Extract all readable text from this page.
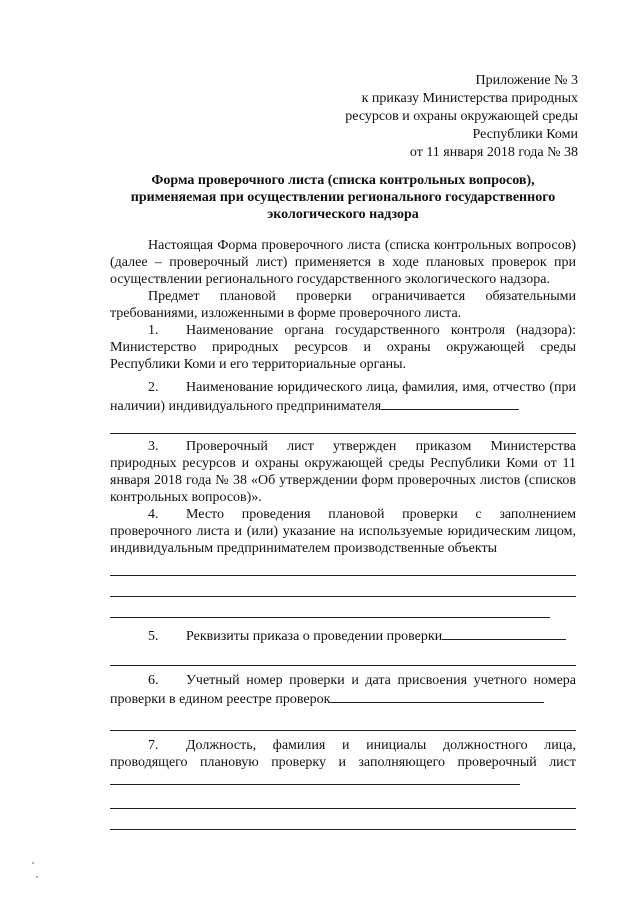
Приложение № 3
к приказу Министерства природных
ресурсов и охраны окружающей среды
Республики Коми
от 11 января 2018 года № 38
Форма проверочного листа (списка контрольных вопросов),
применяемая при осуществлении регионального государственного
экологического надзора

Настоящая Форма проверочного листа (списка контрольных вопросов) (далее – проверочный лист) применяется в ходе плановых проверок при осуществлении регионального государственного экологического надзора.

Предмет плановой проверки ограничивается обязательными требованиями, изложенными в форме проверочного листа.

1. Наименование органа государственного контроля (надзора): Министерство природных ресурсов и охраны окружающей среды Республики Коми и его территориальные органы.

2. Наименование юридического лица, фамилия, имя, отчество (при наличии) индивидуального предпринимателя

3. Проверочный лист утвержден приказом Министерства природных ресурсов и охраны окружающей среды Республики Коми от 11 января 2018 года № 38 «Об утверждении форм проверочных листов (списков контрольных вопросов)».

4. Место проведения плановой проверки с заполнением проверочного листа и (или) указание на используемые юридическим лицом, индивидуальным предпринимателем производственные объекты

5. Реквизиты приказа о проведении проверки

6. Учетный номер проверки и дата присвоения учетного номера проверки в едином реестре проверок

7. Должность, фамилия и инициалы должностного лица, проводящего плановую проверку и заполняющего проверочный лист
